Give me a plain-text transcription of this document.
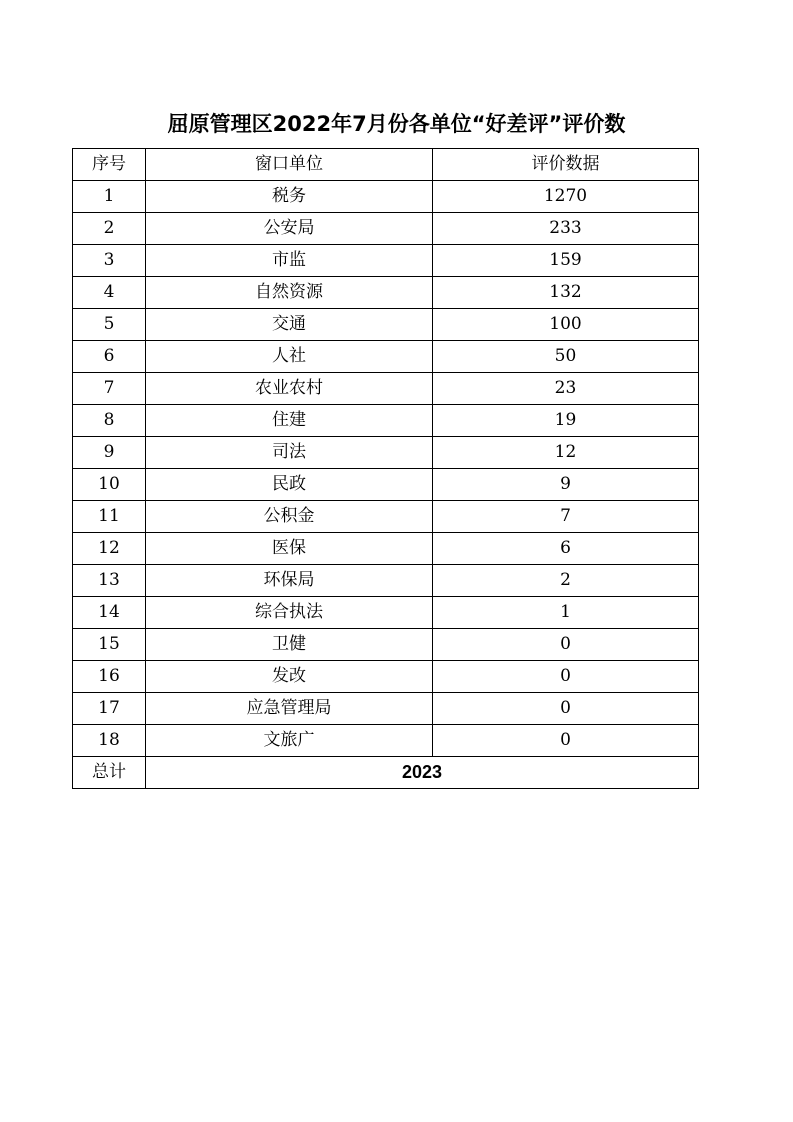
屈原管理区2022年7月份各单位“好差评”评价数
序号	窗口单位	评价数据
1	税务	1270
2	公安局	233
3	市监	159
4	自然资源	132
5	交通	100
6	人社	50
7	农业农村	23
8	住建	19
9	司法	12
10	民政	9
11	公积金	7
12	医保	6
13	环保局	2
14	综合执法	1
15	卫健	0
16	发改	0
17	应急管理局	0
18	文旅广	0
总计	2023	
